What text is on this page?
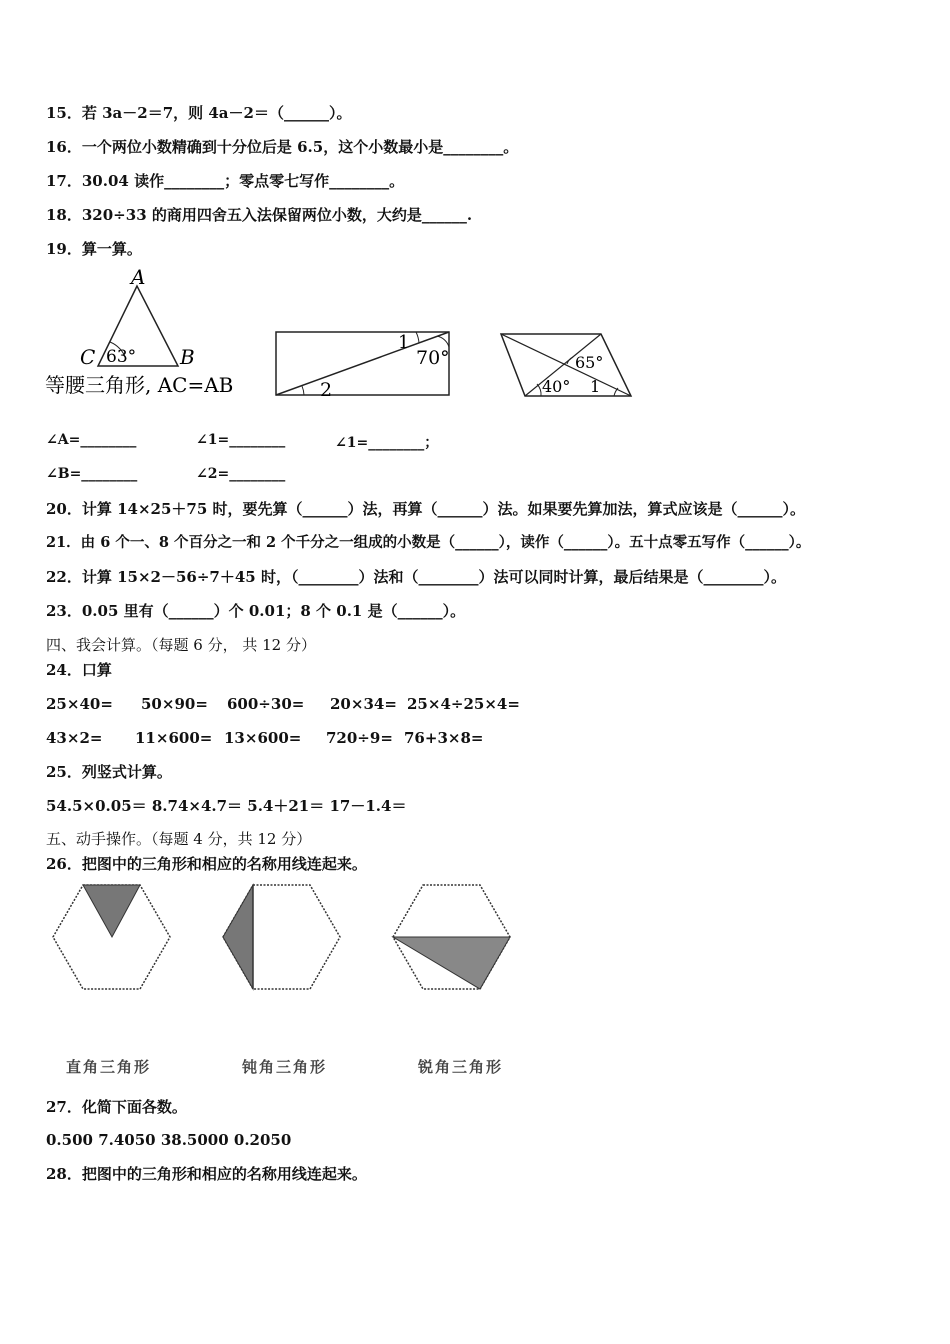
15．若 3a－2＝7，则 4a－2＝（______）。
16．一个两位小数精确到十分位后是 6.5，这个小数最小是________。
17．30.04 读作________；零点零七写作________。
18．320÷33 的商用四舍五入法保留两位小数，大约是______.
19．算一算。
A
C	B
63°
等腰三角形, AC=AB
1
70°
2
65°
40° 1
∠A=________	∠1=________	∠1=________；
∠B=________	∠2=________
20．计算 14×25＋75 时，要先算（______）法，再算（______）法。如果要先算加法，算式应该是（______）。
21．由 6 个一、8 个百分之一和 2 个千分之一组成的小数是（______），读作（______）。五十点零五写作（______）。
22．计算 15×2－56÷7＋45 时，（________）法和（________）法可以同时计算，最后结果是（________）。
23．0.05 里有（______）个 0.01；8 个 0.1 是（______）。
四、我会计算。（每题 6 分， 共 12 分）
24．口算
25×40= 50×90= 600÷30= 20×34= 25×4÷25×4=
43×2= 11×600= 13×600= 720÷9= 76+3×8=
25．列竖式计算。
54.5×0.05＝ 8.74×4.7＝ 5.4＋21＝ 17－1.4＝
五、动手操作。（每题 4 分，共 12 分）
26．把图中的三角形和相应的名称用线连起来。
直角三角形	钝角三角形	锐角三角形
27．化简下面各数。
0.500 7.4050 38.5000 0.2050
28．把图中的三角形和相应的名称用线连起来。
